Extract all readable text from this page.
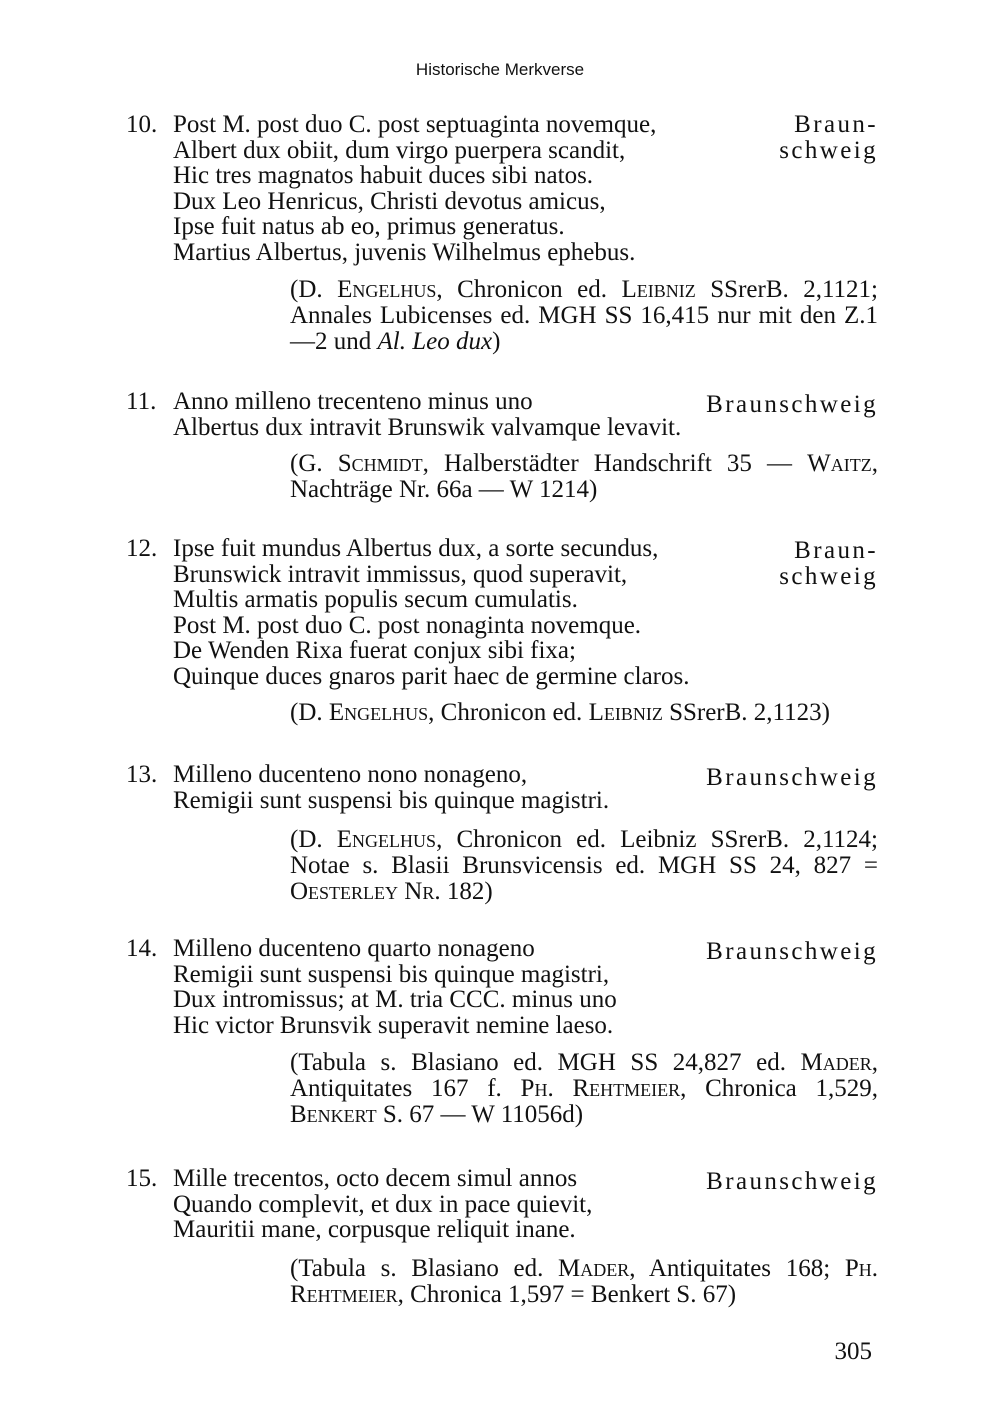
Historische Merkverse
10. Post M. post duo C. post septuaginta novemque,
Albert dux obiit, dum virgo puerpera scandit,
Hic tres magnatos habuit duces sibi natos.
Dux Leo Henricus, Christi devotus amicus,
Ipse fuit natus ab eo, primus generatus.
Martius Albertus, juvenis Wilhelmus ephebus.
Braun-
schweig
(D. Engelhus, Chronicon ed. Leibniz SSrerB. 2,1121; Annales Lubicenses ed. MGH SS 16,415 nur mit den Z.1—2 und Al. Leo dux)
11. Anno milleno trecenteno minus uno
Albertus dux intravit Brunswik valvamque levavit.
Braunschweig
(G. Schmidt, Halberstädter Handschrift 35 — Waitz, Nachträge Nr. 66a — W 1214)
12. Ipse fuit mundus Albertus dux, a sorte secundus,
Brunswick intravit immissus, quod superavit,
Multis armatis populis secum cumulatis.
Post M. post duo C. post nonaginta novemque.
De Wenden Rixa fuerat conjux sibi fixa;
Quinque duces gnaros parit haec de germine claros.
Braun-
schweig
(D. Engelhus, Chronicon ed. Leibniz SSrerB. 2,1123)
13. Milleno ducenteno nono nonageno,
Remigii sunt suspensi bis quinque magistri.
Braunschweig
(D. Engelhus, Chronicon ed. Leibniz SSrerB. 2,1124; Notae s. Blasii Brunsvicensis ed. MGH SS 24, 827 = Oesterley Nr. 182)
14. Milleno ducenteno quarto nonageno
Remigii sunt suspensi bis quinque magistri,
Dux intromissus; at M. tria CCC. minus uno
Hic victor Brunsvik superavit nemine laeso.
Braunschweig
(Tabula s. Blasiano ed. MGH SS 24,827 ed. Mader, Antiquitates 167 f. Ph. Rehtmeier, Chronica 1,529, Benkert S. 67 — W 11056d)
15. Mille trecentos, octo decem simul annos
Quando complevit, et dux in pace quievit,
Mauritii mane, corpusque reliquit inane.
Braunschweig
(Tabula s. Blasiano ed. Mader, Antiquitates 168; Ph. Rehtmeier, Chronica 1,597 = Benkert S. 67)
305
